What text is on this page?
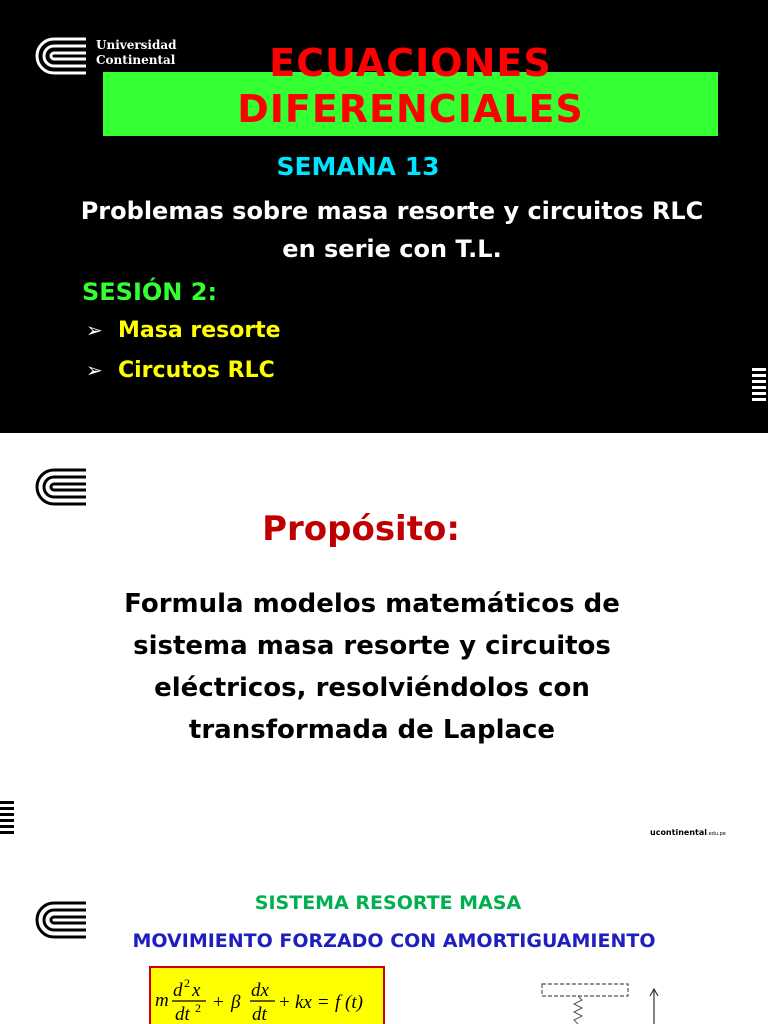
Universidad
Continental	ECUACIONES
DIFERENCIALES
SEMANA 13
Problemas sobre masa resorte y circuitos RLC en serie con T.L.
SESIÓN 2:
➢ Masa resorte
➢ Circutos RLC
Propósito:
Formula modelos matemáticos de sistema masa resorte y circuitos eléctricos, resolviéndolos con transformada de Laplace
ucontinental.edu.pe
SISTEMA RESORTE MASA
MOVIMIENTO FORZADO CON AMORTIGUAMIENTO
m d 2 x
dt 2 + β
dx
dt
+ kx = f (t)
